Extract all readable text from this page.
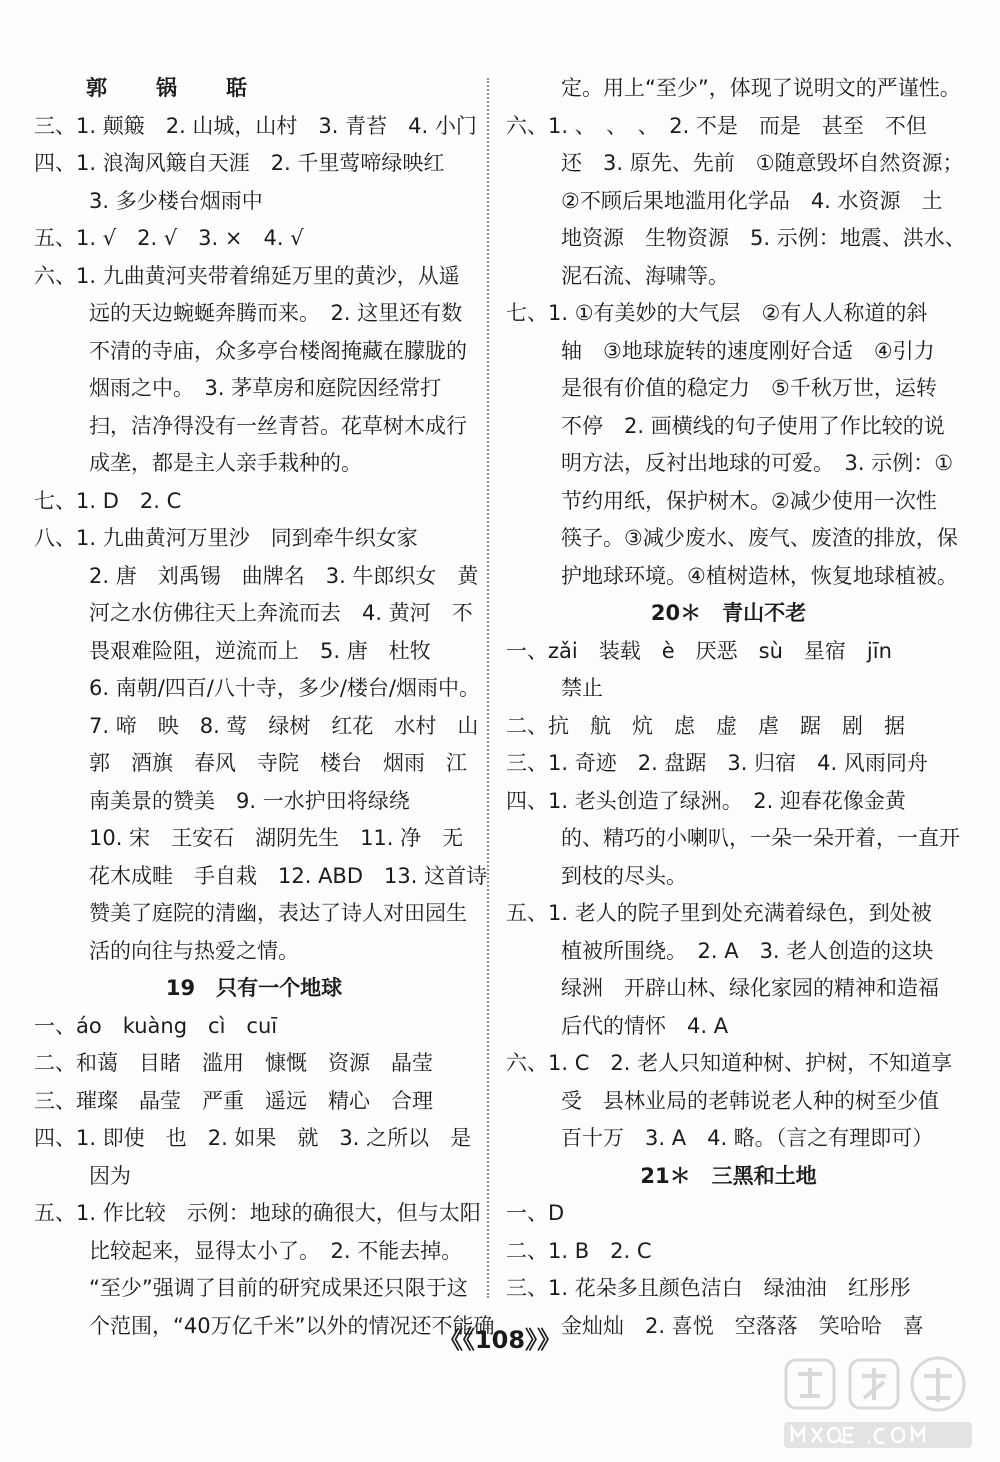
郭　锅　聒
三、1. 颠簸　2. 山城，山村　3. 青苔　4. 小门
四、1. 浪淘风簸自天涯　2. 千里莺啼绿映红
3. 多少楼台烟雨中
五、1. √　2. √　3. ×　4. √
六、1. 九曲黄河夹带着绵延万里的黄沙，从遥
远的天边蜿蜒奔腾而来。　2. 这里还有数
不清的寺庙，众多亭台楼阁掩藏在朦胧的
烟雨之中。　3. 茅草房和庭院因经常打
扫，洁净得没有一丝青苔。花草树木成行
成垄，都是主人亲手栽种的。
七、1. D　2. C
八、1. 九曲黄河万里沙　同到牵牛织女家
2. 唐　刘禹锡　曲牌名　3. 牛郎织女　黄
河之水仿佛往天上奔流而去　4. 黄河　不
畏艰难险阻，逆流而上　5. 唐　杜牧
6. 南朝/四百/八十寺，多少/楼台/烟雨中。
7. 啼　映　8. 莺　绿树　红花　水村　山
郭　酒旗　春风　寺院　楼台　烟雨　江
南美景的赞美　9. 一水护田将绿绕
10. 宋　王安石　湖阴先生　11. 净　无
花木成畦　手自栽　12. ABD　13. 这首诗
赞美了庭院的清幽，表达了诗人对田园生
活的向往与热爱之情。
19　只有一个地球
一、áo　kuàng　cì　cuī
二、和蔼　目睹　滥用　慷慨　资源　晶莹
三、璀璨　晶莹　严重　遥远　精心　合理
四、1. 即使　也　2. 如果　就　3. 之所以　是
因为
五、1. 作比较　示例：地球的确很大，但与太阳
比较起来，显得太小了。　2. 不能去掉。
“至少”强调了目前的研究成果还只限于这
个范围，“40万亿千米”以外的情况还不能确
定。用上“至少”，体现了说明文的严谨性。
六、1. 、　、　、　2. 不是　而是　甚至　不但
还　3. 原先、先前　①随意毁坏自然资源；
②不顾后果地滥用化学品　4. 水资源　土
地资源　生物资源　5. 示例：地震、洪水、
泥石流、海啸等。
七、1. ①有美妙的大气层　②有人人称道的斜
轴　③地球旋转的速度刚好合适　④引力
是很有价值的稳定力　⑤千秋万世，运转
不停　2. 画横线的句子使用了作比较的说
明方法，反衬出地球的可爱。　3. 示例：①
节约用纸，保护树木。②减少使用一次性
筷子。③减少废水、废气、废渣的排放，保
护地球环境。④植树造林，恢复地球植被。
20＊　青山不老
一、zǎi　装载　è　厌恶　sù　星宿　jīn
禁止
二、抗　航　炕　虑　虚　虐　踞　剧　据
三、1. 奇迹　2. 盘踞　3. 归宿　4. 风雨同舟
四、1. 老头创造了绿洲。　2. 迎春花像金黄
的、精巧的小喇叭，一朵一朵开着，一直开
到枝的尽头。
五、1. 老人的院子里到处充满着绿色，到处被
植被所围绕。　2. A　3. 老人创造的这块
绿洲　开辟山林、绿化家园的精神和造福
后代的情怀　4. A
六、1. C　2. 老人只知道种树、护树，不知道享
受　县林业局的老韩说老人种的树至少值
百十万　3. A　4. 略。（言之有理即可）
21＊　三黑和土地
一、D
二、1. B　2. C
三、1. 花朵多且颜色洁白　绿油油　红彤彤
金灿灿　2. 喜悦　空落落　笑哈哈　喜
《《108》》
